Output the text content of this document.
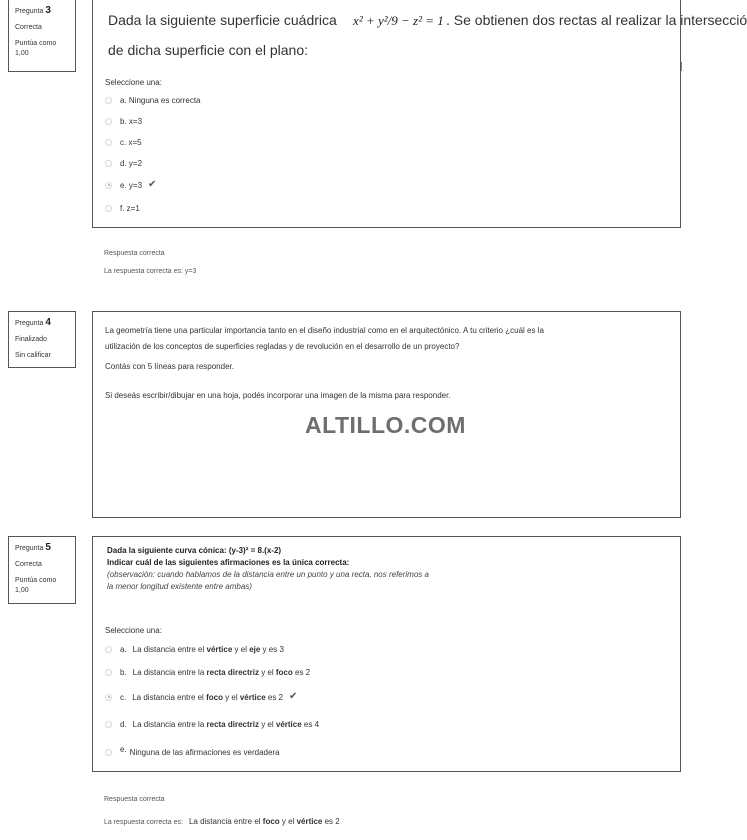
Pregunta 3
Correcta
Puntúa como 1,00
Dada la siguiente superficie cuádrica x² + y²/9 − z² = 1 . Se obtienen dos rectas al realizar la intersecció
de dicha superficie con el plano:
Seleccione una:
a. Ninguna es correcta
b. x=3
c. x=5
d. y=2
e. y=3 ✔
f. z=1
Respuesta correcta
La respuesta correcta es: y=3
Pregunta 4
Finalizado
Sin calificar
La geometría tiene una particular importancia tanto en el diseño industrial como en el arquitectónico. A tu criterio ¿cuál es la
utilización de los conceptos de superficies regladas y de revolución en el desarrollo de un proyecto?
Contás con 5 líneas para responder.
Si deseás escribir/dibujar en una hoja, podés incorporar una imagen de la misma para responder.
ALTILLO.COM
Pregunta 5
Correcta
Puntúa como 1,00
Dada la siguiente curva cónica: (y-3)² = 8.(x-2)
Indicar cuál de las siguientes afirmaciones es la única correcta:
(observación: cuando hablamos de la distancia entre un punto y una recta, nos referimos a
la menor longitud existente entre ambas)
Seleccione una:
a. La distancia entre el vértice y el eje y es 3
b. La distancia entre la recta directriz y el foco es 2
c. La distancia entre el foco y el vértice es 2 ✔
d. La distancia entre la recta directriz y el vértice es 4
e. Ninguna de las afirmaciones es verdadera
Respuesta correcta
La respuesta correcta es: La distancia entre el foco y el vértice es 2
